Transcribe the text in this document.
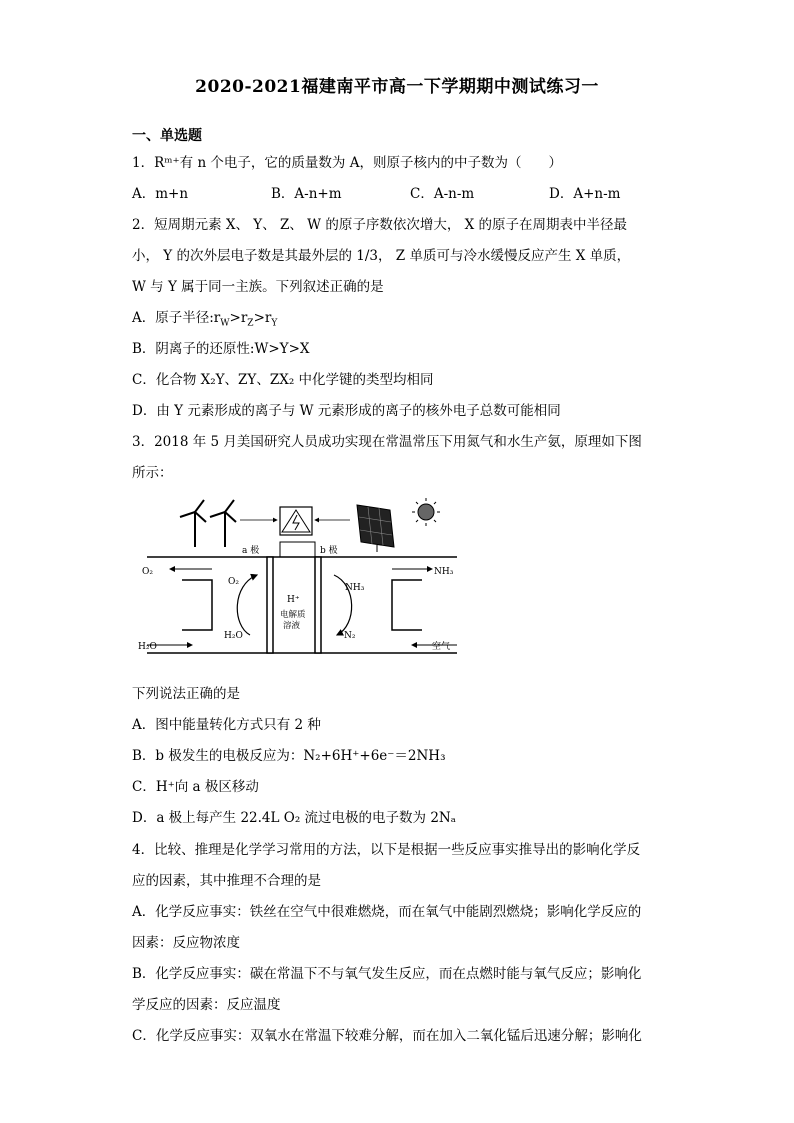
2020-2021福建南平市高一下学期期中测试练习一
一、单选题
1．Rᵐ⁺有 n 个电子，它的质量数为 A，则原子核内的中子数为（　　）
A．m+n	B．A-n+m	C．A-n-m	D．A+n-m
2．短周期元素 X、 Y、 Z、 W 的原子序数依次增大， X 的原子在周期表中半径最
小， Y 的次外层电子数是其最外层的 1/3， Z 单质可与冷水缓慢反应产生 X 单质，
W 与 Y 属于同一主族。下列叙述正确的是
A．原子半径$:r_W>r_Z>r_Y$
B．阴离子的还原性:W>Y>X
C．化合物 X₂Y、ZY、ZX₂ 中化学键的类型均相同
D．由 Y 元素形成的离子与 W 元素形成的离子的核外电子总数可能相同
3．2018 年 5 月美国研究人员成功实现在常温常压下用氮气和水生产氨，原理如下图
所示：
a 极	b 极
O₂
H₂O
O₂
H₂O
NH₃
N₂
NH₃
空气
H⁺
电解质
溶液
下列说法正确的是
A．图中能量转化方式只有 2 种
B．b 极发生的电极反应为：N₂+6H⁺+6e⁻＝2NH₃
C．H⁺向 a 极区移动
D．a 极上每产生 22.4L O₂ 流过电极的电子数为 2Nₐ
4．比较、推理是化学学习常用的方法，以下是根据一些反应事实推导出的影响化学反
应的因素，其中推理不合理的是
A．化学反应事实：铁丝在空气中很难燃烧，而在氧气中能剧烈燃烧；影响化学反应的
因素：反应物浓度
B．化学反应事实：碳在常温下不与氧气发生反应，而在点燃时能与氧气反应；影响化
学反应的因素：反应温度
C．化学反应事实：双氧水在常温下较难分解，而在加入二氧化锰后迅速分解；影响化
